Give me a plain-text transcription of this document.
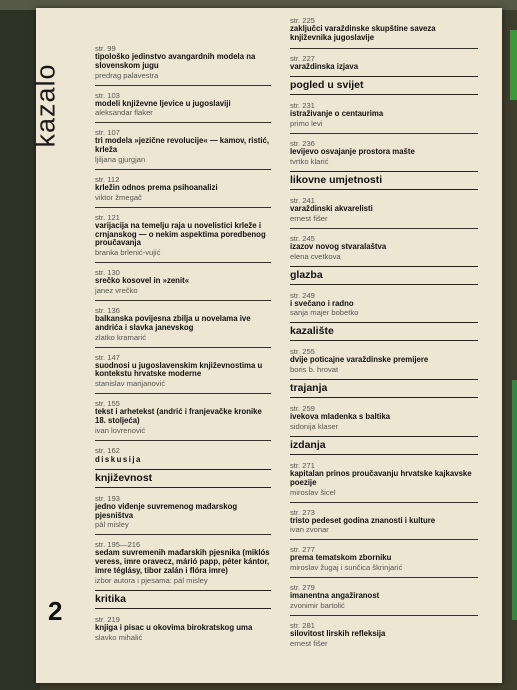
kazalo
2
str. 99
tipološko jedinstvo avangardnih modela na slovenskom jugu
predrag palavestra
str. 103
modeli književne ljevice u jugoslaviji
aleksandar flaker
str. 107
tri modela »jezične revolucije« — kamov, ristić, krleža
ljiljana gjurgjan
str. 112
krležin odnos prema psihoanalizi
viktor žmegač
str. 121
varijacija na temelju raja u novelistici krleže i crnjanskog — o nekim aspektima poredbenog proučavanja
branka brlenić-vujić
str. 130
srečko kosovel in »zenit«
janez vrečko
str. 136
balkanska povijesna zbilja u novelama ive andrića i slavka janevskog
zlatko kramarić
str. 147
suodnosi u jugoslavenskim književnostima u kontekstu hrvatske moderne
stanislav marijanović
str. 155
tekst i arhetekst (andrić i franjevačke kronike 18. stoljeća)
ivan lovrenović
str. 162
diskusija
književnost
str. 193
jedno viđenje suvremenog mađarskog pjesništva
pál misley
str. 195—216
sedam suvremenih mađarskih pjesnika (miklós veress, imre oravecz, márió papp, péter kántor, imre téglásy, tibor zalán i flóra imre)
izbor autora i pjesama: pál misley
kritika
str. 219
knjiga i pisac u okovima birokratskog uma
slavko mihalić
str. 225
zaključci varaždinske skupštine saveza književnika jugoslavije
str. 227
varaždinska izjava
pogled u svijet
str. 231
istraživanje o centaurima
primo levi
str. 236
levijevo osvajanje prostora mašte
tvrtko klarić
likovne umjetnosti
str. 241
varaždinski akvarelisti
ernest fišer
str. 245
izazov novog stvaralaštva
elena cvetkova
glazba
str. 249
i svečano i radno
sanja majer bobetko
kazalište
str. 255
dvije poticajne varaždinske premijere
boris b. hrovat
trajanja
str. 259
ivekova mladenka s baltika
sidonija klaser
izdanja
str. 271
kapitalan prinos proučavanju hrvatske kajkavske poezije
miroslav šicel
str. 273
tristo pedeset godina znanosti i kulture
ivan zvonar
str. 277
prema tematskom zborniku
miroslav žugaj i sunčica škrinjarić
str. 279
imanentna angažiranost
zvonimir bartolić
str. 281
silovitost lirskih refleksija
ernest fišer
